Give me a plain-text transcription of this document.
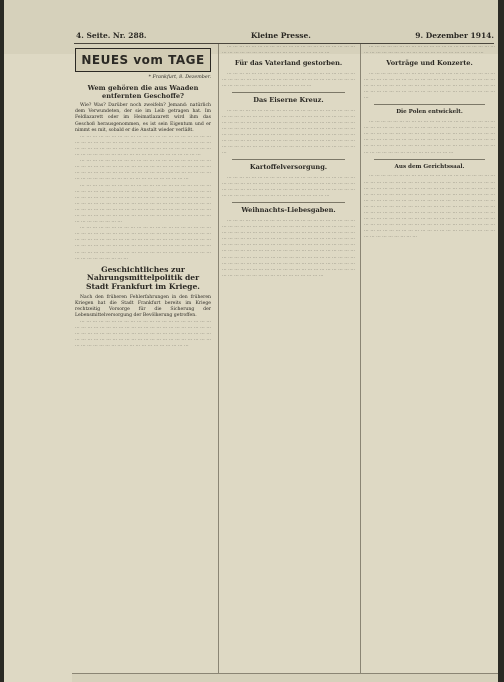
4. Seite. Nr. 288.	Kleine Presse.	9. Dezember 1914.
NEUES vom TAGE
* Frankfurt, 8. Dezember.
Wem gehören die aus Waaden entfernten Geschoffe?

Wie? Was? Darüber noch zweifeln? Jemand: natürlich dem Verwundeten, der sie im Leib getragen hat. Im Feldlazarett oder im Heimatlazarett wird ihm das Geschoß herausgenommen, es ist sein Eigentum und er nimmt es mit, sobald er die Anstalt wieder verläßt.

… … … … … … … … … … … … … … … … … … … … … … … … … … … … … … … … … … … … … … … … … … … … … … … … … … … … … … … … … … … … … … … … … … … … … … … … … … … … … … … … … … … … … …

… … … … … … … … … … … … … … … … … … … … … … … … … … … … … … … … … … … … … … … … … … … … … … … … … … … … … … … … … … … … … … … … … … … … … … … … … … … … … … … … … … … …

… … … … … … … … … … … … … … … … … … … … … … … … … … … … … … … … … … … … … … … … … … … … … … … … … … … … … … … … … … … … … … … … … … … … … … … … … … … … … … … … … … … … … … … … … … … … … … … … … … … … … … … … … … … … … … … … … … … … … … … … … … … … … … … … … … … … … … … … … … …

… … … … … … … … … … … … … … … … … … … … … … … … … … … … … … … … … … … … … … … … … … … … … … … … … … … … … … … … … … … … … … … … … … … … … … … … … … … … … … … … … … … … … … … … … … … … … … … … … … … … … … … … … … … … … … … … … … … … … …

Geschichtliches zur Nahrungsmittelpolitik der Stadt Frankfurt im Kriege.

Nach den früheren Fehlerfahrungen in den früheren Kriegen hat die Stadt Frankfurt bereits im Kriege rechtzeitig Vorsorge für die Sicherung der Lebensmittelversorgung der Bevölkerung getroffen.

… … … … … … … … … … … … … … … … … … … … … … … … … … … … … … … … … … … … … … … … … … … … … … … … … … … … … … … … … … … … … … … … … … … … … … … … … … … … … … … … … … … … … … … … … … … … … … … … … … … … … … … … … …

… … … … … … … … … … … … … … … … … … … … … … … … … … … … … … … … … … … … … … …

Für das Vaterland gestorben.

… … … … … … … … … … … … … … … … … … … … … … … … … … … … … … … … … … … … … … … … … … … … … … … … … … … … … … … … … …

Das Eiserne Kreuz.

… … … … … … … … … … … … … … … … … … … … … … … … … … … … … … … … … … … … … … … … … … … … … … … … … … … … … … … … … … … … … … … … … … … … … … … … … … … … … … … … … … … … … … … … … … … … … … … … … … … … … … … … … … … … … … … … … … … … … … … … … … … … … … … … … … … … … … … … … … … … … … … … … … … … … … … … … …

Kartoffelversorgung.

… … … … … … … … … … … … … … … … … … … … … … … … … … … … … … … … … … … … … … … … … … … … … … … … … … … … … … … … … … … … … … … … … … … … … … … … … … … … … … … … … … …

Weihnachts-Liebesgaben.

… … … … … … … … … … … … … … … … … … … … … … … … … … … … … … … … … … … … … … … … … … … … … … … … … … … … … … … … … … … … … … … … … … … … … … … … … … … … … … … … … … … … … … … … … … … … … … … … … … … … … … … … … … … … … … … … … … … … … … … … … … … … … … … … … … … … … … … … … … … … … … … … … … … … … … … … … … … … … … … … … … … … … … … … … … … … … … … … … … … … … … … … … … … … … … … … … … … … … … … … … … … … … … … … … … … … … …

… … … … … … … … … … … … … … … … … … … … … … … … … … … … … … … … … … … … … … … … …

Vorträge und Konzerte.

… … … … … … … … … … … … … … … … … … … … … … … … … … … … … … … … … … … … … … … … … … … … … … … … … … … … … … … … … … … … … … … … … … … … … … … … … … … … … … … … … … … … …

Die Polen entwickelt.

… … … … … … … … … … … … … … … … … … … … … … … … … … … … … … … … … … … … … … … … … … … … … … … … … … … … … … … … … … … … … … … … … … … … … … … … … … … … … … … … … … … … … … … … … … … … … … … … … … … … … … … … … … … … … … … … … … … … … … … …

Aus dem Gerichtssaal.

… … … … … … … … … … … … … … … … … … … … … … … … … … … … … … … … … … … … … … … … … … … … … … … … … … … … … … … … … … … … … … … … … … … … … … … … … … … … … … … … … … … … … … … … … … … … … … … … … … … … … … … … … … … … … … … … … … … … … … … … … … … … … … … … … … … … … … … … … … … … … … … … … … … … … … … … … … … … … … … … … … … … … … … … … … … … … … … … … … … … … … … … … … … … … … … … … … … … … … … … … … … … … … … … … … … … … … … … … … …
